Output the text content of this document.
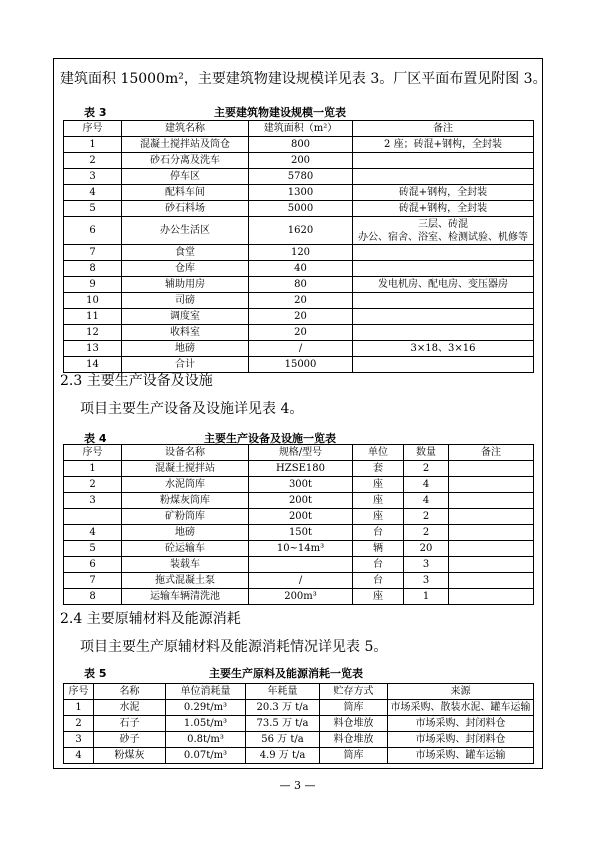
建筑面积 15000m²，主要建筑物建设规模详见表 3。厂区平面布置见附图 3。
表 3	主要建筑物建设规模一览表
序号	建筑名称	建筑面积（m²）	备注
1	混凝土搅拌站及筒仓	800	2 座；砖混+钢构，全封装
2	砂石分离及洗车	200	
3	停车区	5780	
4	配料车间	1300	砖混+钢构，全封装
5	砂石料场	5000	砖混+钢构，全封装
6	办公生活区	1620	三层、砖混
办公、宿舍、浴室、检测试验、机修等
7	食堂	120	
8	仓库	40	
9	辅助用房	80	发电机房、配电房、变压器房
10	司磅	20	
11	调度室	20	
12	收料室	20	
13	地磅	/	3×18、3×16
14	合计	15000	
2.3 主要生产设备及设施
项目主要生产设备及设施详见表 4。
表 4	主要生产设备及设施一览表
序号	设备名称	规格/型号	单位	数量	备注
1	混凝土搅拌站	HZSE180	套	2	
2	水泥筒库	300t	座	4	
3	粉煤灰筒库	200t	座	4	
	矿粉筒库	200t	座	2	
4	地磅	150t	台	2	
5	砼运输车	10~14m³	辆	20	
6	装载车		台	3	
7	拖式混凝土泵	/	台	3	
8	运输车辆清洗池	200m³	座	1	
2.4 主要原辅材料及能源消耗
项目主要生产原辅材料及能源消耗情况详见表 5。
表 5	主要生产原料及能源消耗一览表
序号	名称	单位消耗量	年耗量	贮存方式	来源
1	水泥	0.29t/m³	20.3 万 t/a	筒库	市场采购、散装水泥、罐车运输
2	石子	1.05t/m³	73.5 万 t/a	料仓堆放	市场采购、封闭料仓
3	砂子	0.8t/m³	56 万 t/a	料仓堆放	市场采购、封闭料仓
4	粉煤灰	0.07t/m³	4.9 万 t/a	筒库	市场采购、罐车运输
— 3 —
